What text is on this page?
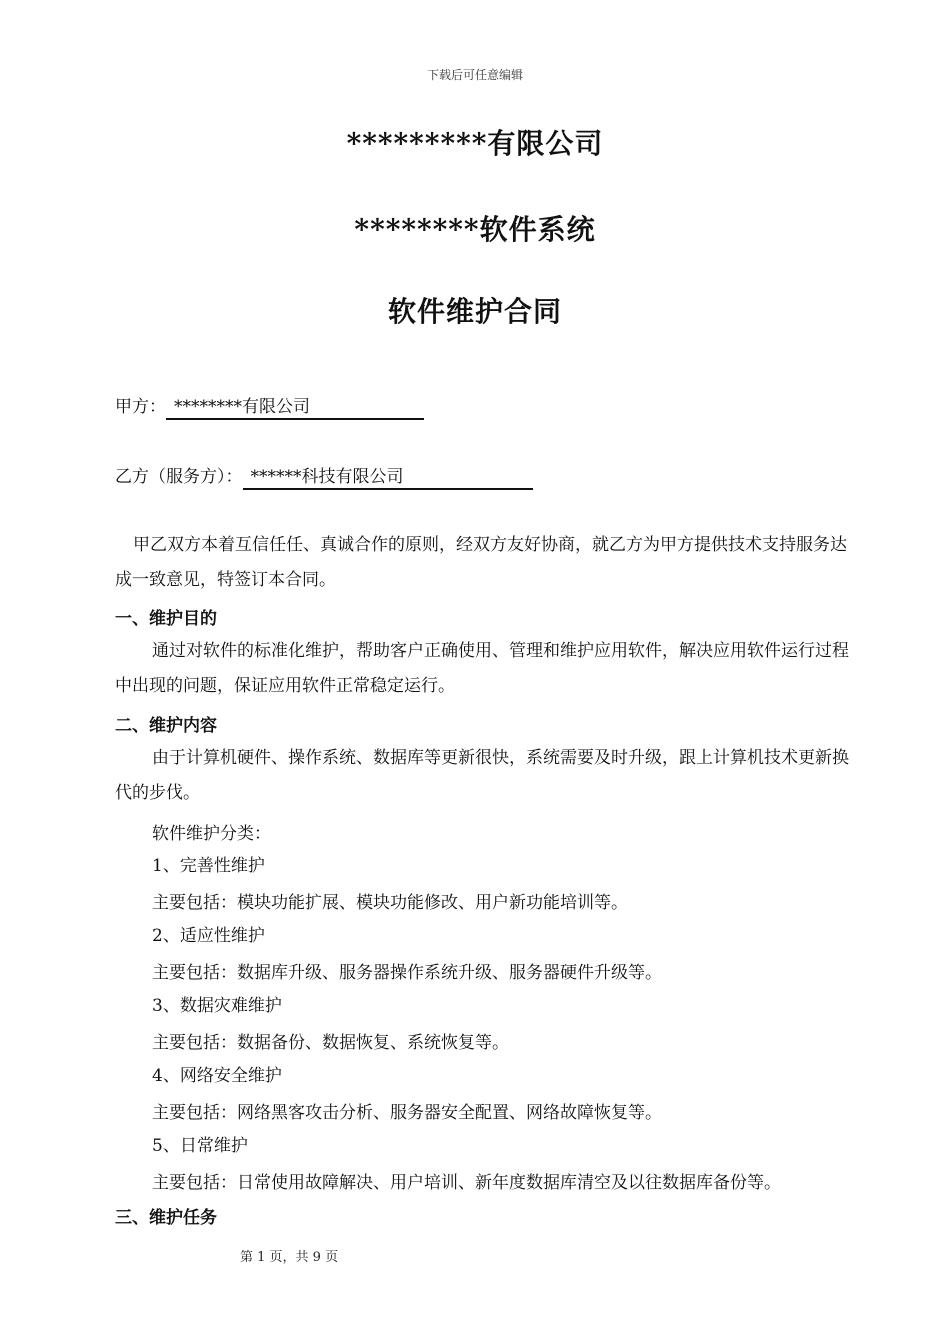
下载后可任意编辑
*********有限公司
********软件系统
软件维护合同
甲方： ********有限公司
乙方（服务方）： ******科技有限公司
甲乙双方本着互信任任、真诚合作的原则，经双方友好协商，就乙方为甲方提供技术支持服务达成一致意见，特签订本合同。
一、维护目的
通过对软件的标准化维护，帮助客户正确使用、管理和维护应用软件，解决应用软件运行过程中出现的问题，保证应用软件正常稳定运行。
二、维护内容
由于计算机硬件、操作系统、数据库等更新很快，系统需要及时升级，跟上计算机技术更新换代的步伐。
软件维护分类：
1、完善性维护
主要包括：模块功能扩展、模块功能修改、用户新功能培训等。
2、适应性维护
主要包括：数据库升级、服务器操作系统升级、服务器硬件升级等。
3、数据灾难维护
主要包括：数据备份、数据恢复、系统恢复等。
4、网络安全维护
主要包括：网络黑客攻击分析、服务器安全配置、网络故障恢复等。
5、日常维护
主要包括：日常使用故障解决、用户培训、新年度数据库清空及以往数据库备份等。
三、维护任务
第 1 页，共 9 页
